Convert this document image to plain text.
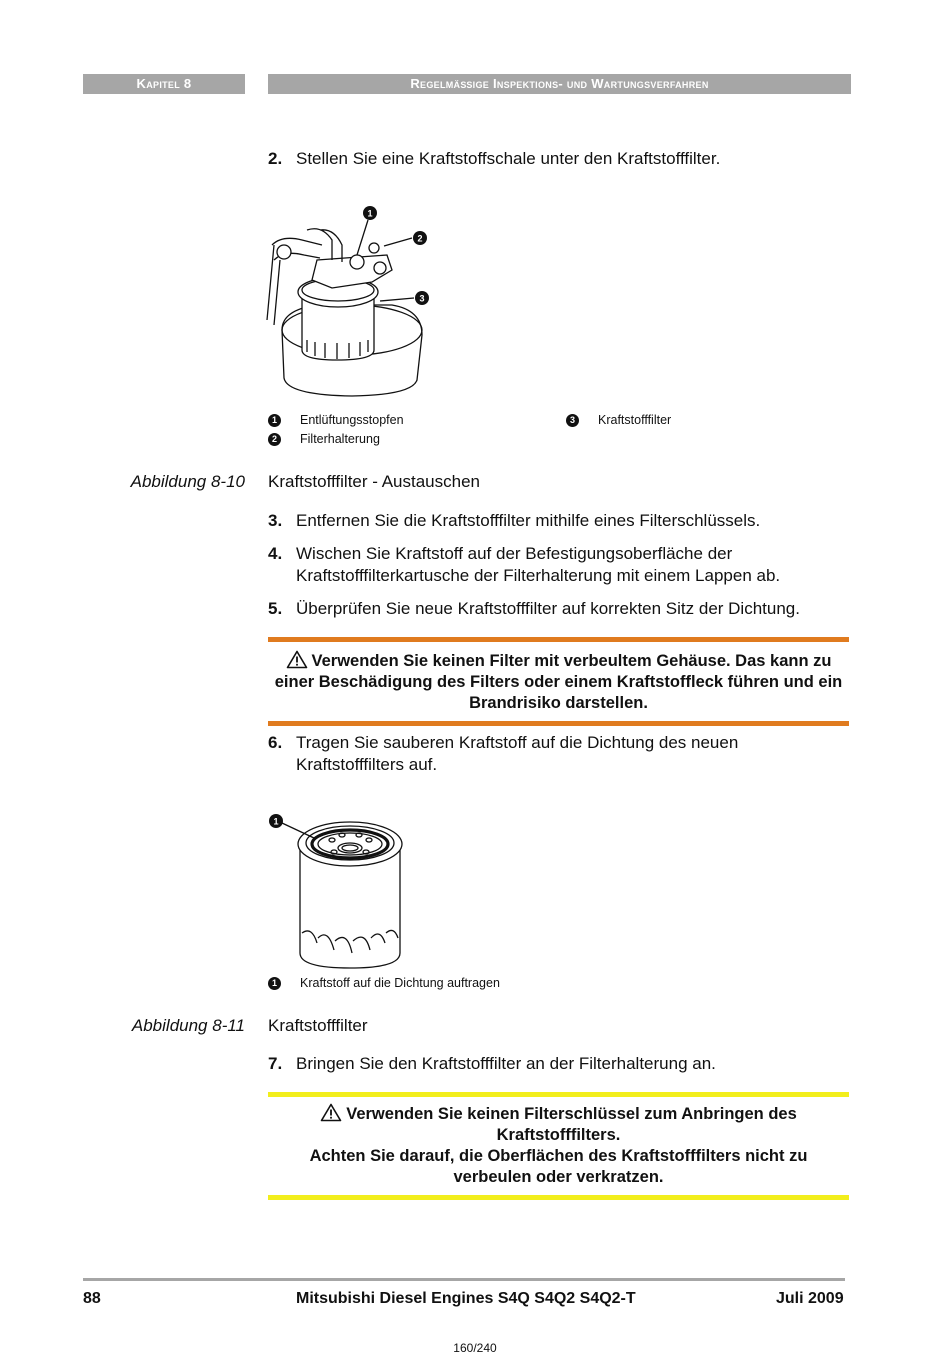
Kapitel 8	Regelmäßige Inspektions- und Wartungsverfahren
2. Stellen Sie eine Kraftstoffschale unter den Kraftstofffilter.
1
2
3
1 Entlüftungsstopfen
2 Filterhalterung
3 Kraftstofffilter
Abbildung 8-10 Kraftstofffilter - Austauschen
3. Entfernen Sie die Kraftstofffilter mithilfe eines Filterschlüssels.
4. Wischen Sie Kraftstoff auf der Befestigungsoberfläche der Kraftstofffilterkartusche der Filterhalterung mit einem Lappen ab.
5. Überprüfen Sie neue Kraftstofffilter auf korrekten Sitz der Dichtung.
Verwenden Sie keinen Filter mit verbeultem Gehäuse. Das kann zu einer Beschädigung des Filters oder einem Kraftstoffleck führen und ein Brandrisiko darstellen.
6. Tragen Sie sauberen Kraftstoff auf die Dichtung des neuen Kraftstofffilters auf.
1
1 Kraftstoff auf die Dichtung auftragen
Abbildung 8-11 Kraftstofffilter
7. Bringen Sie den Kraftstofffilter an der Filterhalterung an.
Verwenden Sie keinen Filterschlüssel zum Anbringen des Kraftstofffilters.
Achten Sie darauf, die Oberflächen des Kraftstofffilters nicht zu verbeulen oder verkratzen.
88	Mitsubishi Diesel Engines S4Q S4Q2 S4Q2-T	Juli 2009
160/240
